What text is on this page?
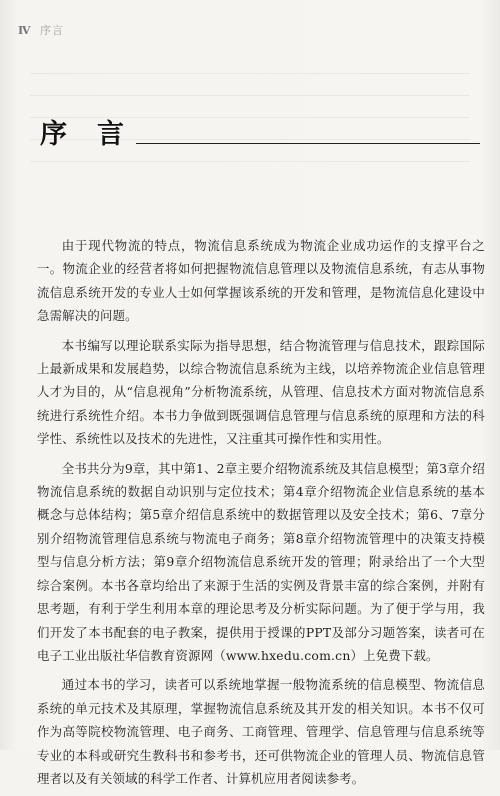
Ⅳ 序言
序言

由于现代物流的特点，物流信息系统成为物流企业成功运作的支撑平台之一。物流企业的经营者将如何把握物流信息管理以及物流信息系统，有志从事物流信息系统开发的专业人士如何掌握该系统的开发和管理，是物流信息化建设中急需解决的问题。

本书编写以理论联系实际为指导思想，结合物流管理与信息技术，跟踪国际上最新成果和发展趋势，以综合物流信息系统为主线，以培养物流企业信息管理人才为目的，从“信息视角”分析物流系统，从管理、信息技术方面对物流信息系统进行系统性介绍。本书力争做到既强调信息管理与信息系统的原理和方法的科学性、系统性以及技术的先进性，又注重其可操作性和实用性。

全书共分为9章，其中第1、2章主要介绍物流系统及其信息模型；第3章介绍物流信息系统的数据自动识别与定位技术；第4章介绍物流企业信息系统的基本概念与总体结构；第5章介绍信息系统中的数据管理以及安全技术；第6、7章分别介绍物流管理信息系统与物流电子商务；第8章介绍物流管理中的决策支持模型与信息分析方法；第9章介绍物流信息系统开发的管理；附录给出了一个大型综合案例。本书各章均给出了来源于生活的实例及背景丰富的综合案例，并附有思考题，有利于学生利用本章的理论思考及分析实际问题。为了便于学与用，我们开发了本书配套的电子教案，提供用于授课的PPT及部分习题答案，读者可在电子工业出版社华信教育资源网（www.hxedu.com.cn）上免费下载。

通过本书的学习，读者可以系统地掌握一般物流系统的信息模型、物流信息系统的单元技术及其原理，掌握物流信息系统及其开发的相关知识。本书不仅可作为高等院校物流管理、电子商务、工商管理、管理学、信息管理与信息系统等专业的本科或研究生教科书和参考书，还可供物流企业的管理人员、物流信息管理者以及有关领域的科学工作者、计算机应用者阅读参考。
